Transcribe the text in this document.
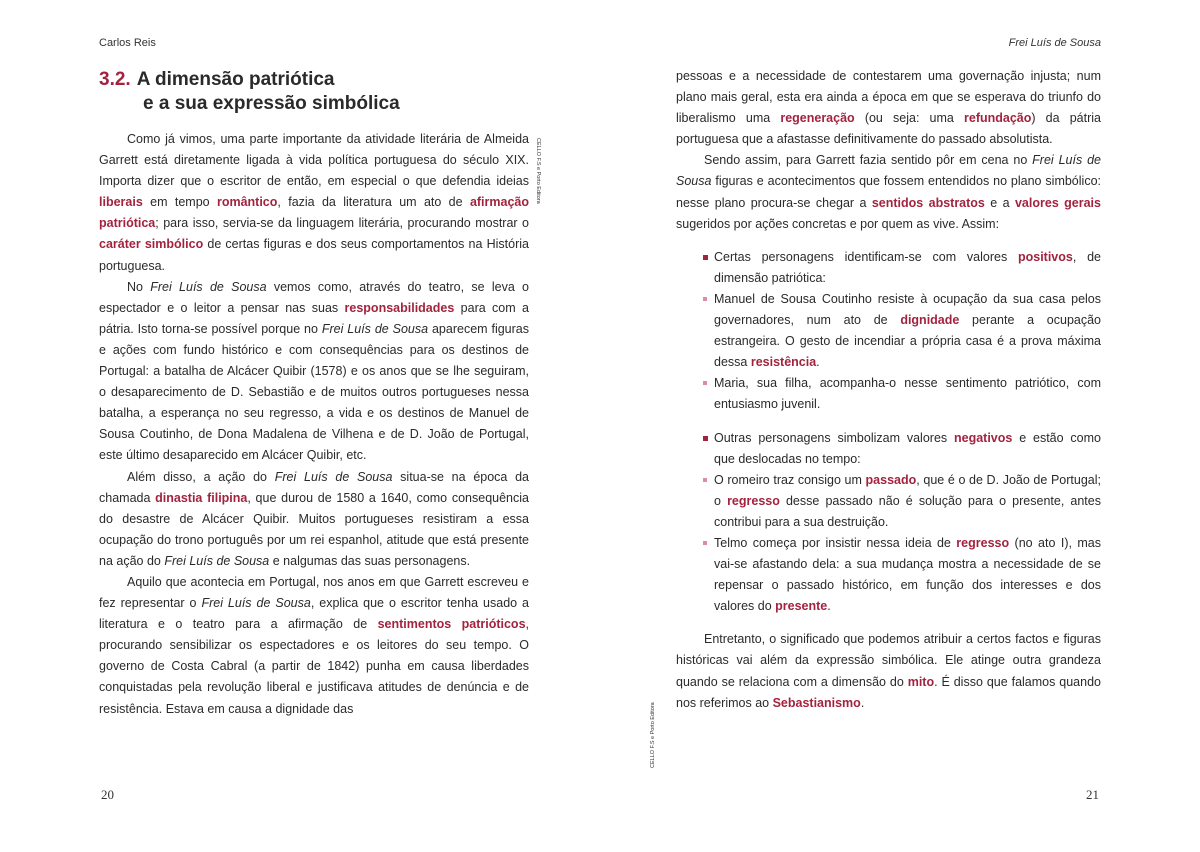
Carlos Reis
3.2. A dimensão patriótica
e a sua expressão simbólica

Como já vimos, uma parte importante da atividade literária de Almeida Garrett está diretamente ligada à vida política portuguesa do século XIX. Importa dizer que o escritor de então, em especial o que defendia ideias liberais em tempo romântico, fazia da literatura um ato de afirmação patriótica; para isso, servia-se da linguagem literária, procurando mostrar o caráter simbólico de certas figuras e dos seus comportamentos na História portuguesa.

No Frei Luís de Sousa vemos como, através do teatro, se leva o espectador e o leitor a pensar nas suas responsabilidades para com a pátria. Isto torna-se possível porque no Frei Luís de Sousa aparecem figuras e ações com fundo histórico e com consequências para os destinos de Portugal: a batalha de Alcácer Quibir (1578) e os anos que se lhe seguiram, o desaparecimento de D. Sebastião e de muitos outros portugueses nessa batalha, a esperança no seu regresso, a vida e os destinos de Manuel de Sousa Coutinho, de Dona Madalena de Vilhena e de D. João de Portugal, este último desaparecido em Alcácer Quibir, etc.

Além disso, a ação do Frei Luís de Sousa situa-se na época da chamada dinastia filipina, que durou de 1580 a 1640, como consequência do desastre de Alcácer Quibir. Muitos portugueses resistiram a essa ocupação do trono português por um rei espanhol, atitude que está presente na ação do Frei Luís de Sousa e nalgumas das suas personagens.

Aquilo que acontecia em Portugal, nos anos em que Garrett escreveu e fez representar o Frei Luís de Sousa, explica que o escritor tenha usado a literatura e o teatro para a afirmação de sentimentos patrióticos, procurando sensibilizar os espectadores e os leitores do seu tempo. O governo de Costa Cabral (a partir de 1842) punha em causa liberdades conquistadas pela revolução liberal e justificava atitudes de denúncia e de resistência. Estava em causa a dignidade das

CELLO F.S e Porto Editora
20
Frei Luís de Sousa

pessoas e a necessidade de contestarem uma governação injusta; num plano mais geral, esta era ainda a época em que se esperava do triunfo do liberalismo uma regeneração (ou seja: uma refundação) da pátria portuguesa que a afastasse definitivamente do passado absolutista.

Sendo assim, para Garrett fazia sentido pôr em cena no Frei Luís de Sousa figuras e acontecimentos que fossem entendidos no plano simbólico: nesse plano procura-se chegar a sentidos abstratos e a valores gerais sugeridos por ações concretas e por quem as vive. Assim:

Certas personagens identificam-se com valores positivos, de dimensão patriótica:
Manuel de Sousa Coutinho resiste à ocupação da sua casa pelos governadores, num ato de dignidade perante a ocupação estrangeira. O gesto de incendiar a própria casa é a prova máxima dessa resistência.
Maria, sua filha, acompanha-o nesse sentimento patriótico, com entusiasmo juvenil.
Outras personagens simbolizam valores negativos e estão como que deslocadas no tempo:
O romeiro traz consigo um passado, que é o de D. João de Portugal; o regresso desse passado não é solução para o presente, antes contribui para a sua destruição.
Telmo começa por insistir nessa ideia de regresso (no ato I), mas vai-se afastando dela: a sua mudança mostra a necessidade de se repensar o passado histórico, em função dos interesses e dos valores do presente.

Entretanto, o significado que podemos atribuir a certos factos e figuras históricas vai além da expressão simbólica. Ele atinge outra grandeza quando se relaciona com a dimensão do mito. É disso que falamos quando nos referimos ao Sebastianismo.

21
CELLO F.S e Porto Editora
